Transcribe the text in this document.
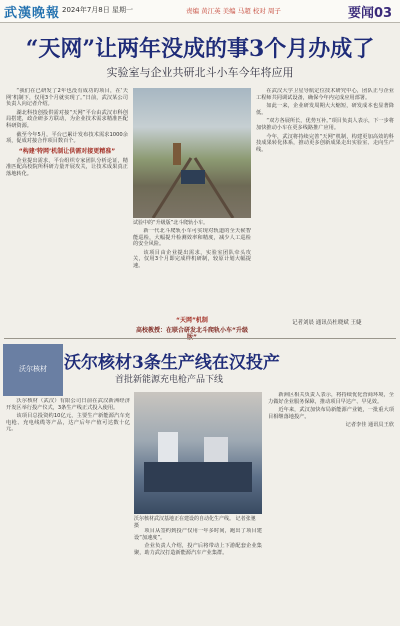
武漢晚報 2024年7月8日 星期一	责编 黄江英 美编 马超 校对 周子	要闻03
“天网”让两年没成的事3个月办成了
实验室与企业共研北斗小车今年将应用

“我们在已研发了2年也没有成功的项目，在‘天网’机制下，仅用3个月就实现了。”日前，武汉某公司负责人向记者介绍。

湖北科技创投供需对接“天网”平台由武汉市科创局搭建，政企研多方联动，为企业技术需求精准匹配科研资源。

截至今年5月，平台已累计发布技术需求1000余项，促成对接合作项目数百个。

“构建‘特网’机制让供需对接更精准”

企业提出需求，平台组织专家团队分析论证，精准匹配高校院所科研力量开展攻关，让技术成果真正落地转化。

试验中的“升级版”北斗爬轨小车。

新一代北斗爬轨小车可实现对轨道的全天候智能巡检，大幅提升检测效率和精度，减少人工巡检的安全风险。

该项目由企业提出需求，实验室团队牵头攻关，仅用3个月即完成样机研制，较原计划大幅提速。

“天网”机制
高校教授：在联合研发北斗爬轨小车“升级

在武汉大学卫星导航定位技术研究中心，团队正与企业工程师共同调试设备，确保今年内完成应用部署。

如此一来，企业研发周期大大缩短，研发成本也显著降低。

“双方各展所长，优势互补。”项目负责人表示，下一步将加快推动小车在更多线路推广应用。

今年，武汉将持续完善“天网”机制，构建更加高效的科技成果转化体系，推动更多创新成果走出实验室、走向生产线。

记者刘晨 通讯员杜晓斌 王婕
沃尔核材	沃尔核材3条生产线在汉投产
首批新能源充电枪产品下线

沃尔核材（武汉）有限公司日前在武汉新洲经济开发区举行投产仪式，3条生产线正式投入使用。

该项目总投资约10亿元，主要生产新能源汽车充电枪、充电线缆等产品，达产后年产值可达数十亿元。

沃尔核材武汉基地正在建设的自动化生产线。 记者张驰 摄

项目从签约到投产仅用一年多时间，跑出了项目建设“加速度”。

企业负责人介绍，投产后将带动上下游配套企业集聚，助力武汉打造新能源汽车产业集群。

新洲区相关负责人表示，将持续优化营商环境，全力做好企业服务保障，推动项目早达产、早见效。

近年来，武汉加快布局新能源产业链，一批重大项目相继落地投产。

记者李佳 通讯员王欣
